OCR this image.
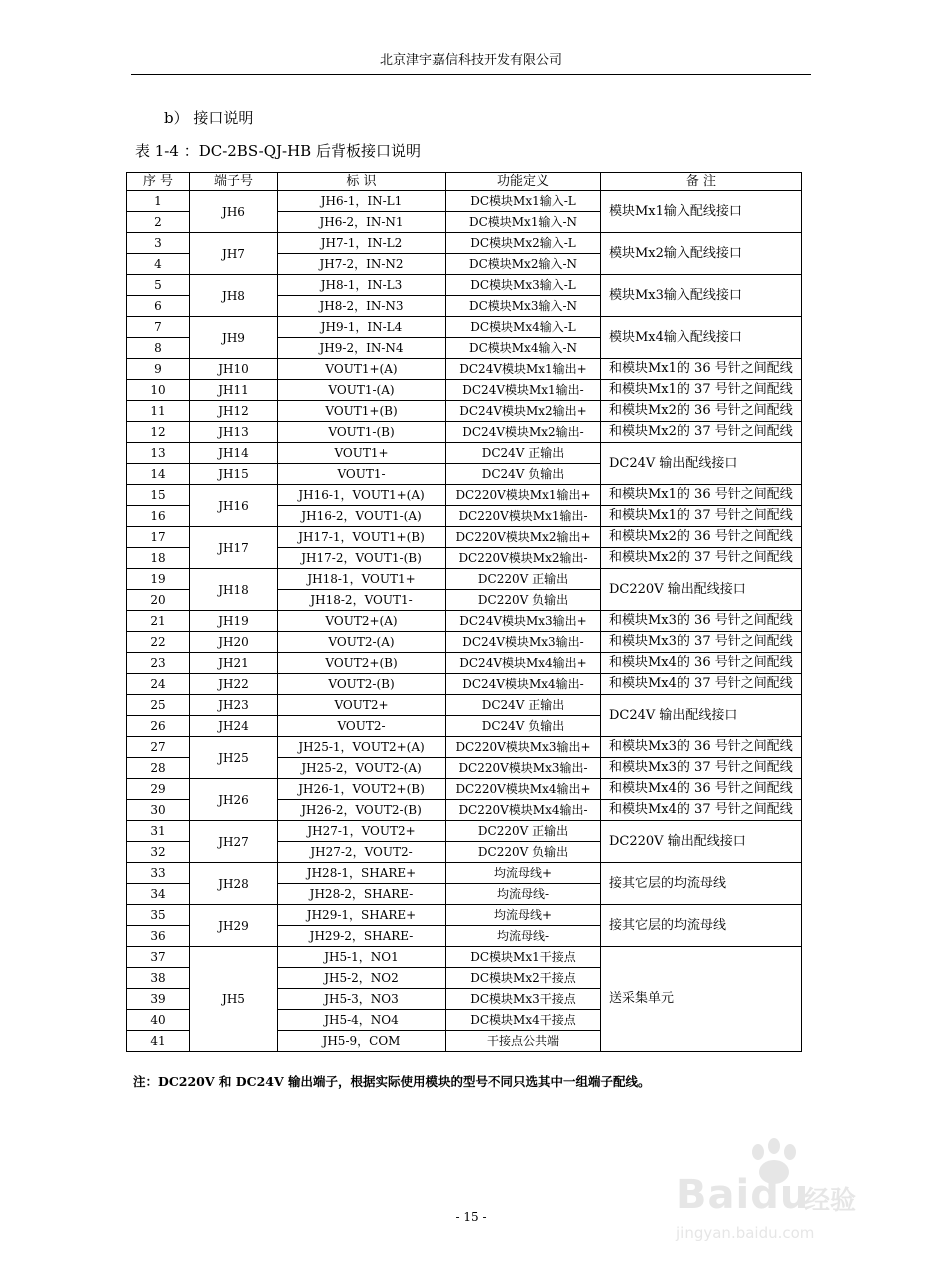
北京津宇嘉信科技开发有限公司
b） 接口说明
表 1-4 ：DC-2BS-QJ-HB 后背板接口说明
序 号	端子号	标 识	功能定义	备 注
1	JH6	JH6-1，IN-L1	DC模块Mx1输入-L	模块Mx1输入配线接口
2		JH6-2，IN-N1	DC模块Mx1输入-N	
3	JH7	JH7-1，IN-L2	DC模块Mx2输入-L	模块Mx2输入配线接口
4		JH7-2，IN-N2	DC模块Mx2输入-N	
5	JH8	JH8-1，IN-L3	DC模块Mx3输入-L	模块Mx3输入配线接口
6		JH8-2，IN-N3	DC模块Mx3输入-N	
7	JH9	JH9-1，IN-L4	DC模块Mx4输入-L	模块Mx4输入配线接口
8		JH9-2，IN-N4	DC模块Mx4输入-N	
9	JH10	VOUT1+(A)	DC24V模块Mx1输出+	和模块Mx1的 36 号针之间配线
10	JH11	VOUT1-(A)	DC24V模块Mx1输出-	和模块Mx1的 37 号针之间配线
11	JH12	VOUT1+(B)	DC24V模块Mx2输出+	和模块Mx2的 36 号针之间配线
12	JH13	VOUT1-(B)	DC24V模块Mx2输出-	和模块Mx2的 37 号针之间配线
13	JH14	VOUT1+	DC24V 正输出	DC24V 输出配线接口
14	JH15	VOUT1-	DC24V 负输出	
15	JH16	JH16-1，VOUT1+(A)	DC220V模块Mx1输出+	和模块Mx1的 36 号针之间配线
16		JH16-2，VOUT1-(A)	DC220V模块Mx1输出-	和模块Mx1的 37 号针之间配线
17	JH17	JH17-1，VOUT1+(B)	DC220V模块Mx2输出+	和模块Mx2的 36 号针之间配线
18		JH17-2，VOUT1-(B)	DC220V模块Mx2输出-	和模块Mx2的 37 号针之间配线
19	JH18	JH18-1，VOUT1+	DC220V 正输出	DC220V 输出配线接口
20		JH18-2，VOUT1-	DC220V 负输出	
21	JH19	VOUT2+(A)	DC24V模块Mx3输出+	和模块Mx3的 36 号针之间配线
22	JH20	VOUT2-(A)	DC24V模块Mx3输出-	和模块Mx3的 37 号针之间配线
23	JH21	VOUT2+(B)	DC24V模块Mx4输出+	和模块Mx4的 36 号针之间配线
24	JH22	VOUT2-(B)	DC24V模块Mx4输出-	和模块Mx4的 37 号针之间配线
25	JH23	VOUT2+	DC24V 正输出	DC24V 输出配线接口
26	JH24	VOUT2-	DC24V 负输出	
27	JH25	JH25-1，VOUT2+(A)	DC220V模块Mx3输出+	和模块Mx3的 36 号针之间配线
28		JH25-2，VOUT2-(A)	DC220V模块Mx3输出-	和模块Mx3的 37 号针之间配线
29	JH26	JH26-1，VOUT2+(B)	DC220V模块Mx4输出+	和模块Mx4的 36 号针之间配线
30		JH26-2，VOUT2-(B)	DC220V模块Mx4输出-	和模块Mx4的 37 号针之间配线
31	JH27	JH27-1，VOUT2+	DC220V 正输出	DC220V 输出配线接口
32		JH27-2，VOUT2-	DC220V 负输出	
33	JH28	JH28-1，SHARE+	均流母线+	接其它层的均流母线
34		JH28-2，SHARE-	均流母线-	
35	JH29	JH29-1，SHARE+	均流母线+	接其它层的均流母线
36		JH29-2，SHARE-	均流母线-	
37	JH5	JH5-1，NO1	DC模块Mx1干接点	送采集单元
38		JH5-2，NO2	DC模块Mx2干接点	
39		JH5-3，NO3	DC模块Mx3干接点	
40		JH5-4，NO4	DC模块Mx4干接点	
41		JH5-9，COM	干接点公共端	
注：DC220V 和 DC24V 输出端子，根据实际使用模块的型号不同只选其中一组端子配线。
Baidu
经验
jingyan.baidu.com
- 15 -
